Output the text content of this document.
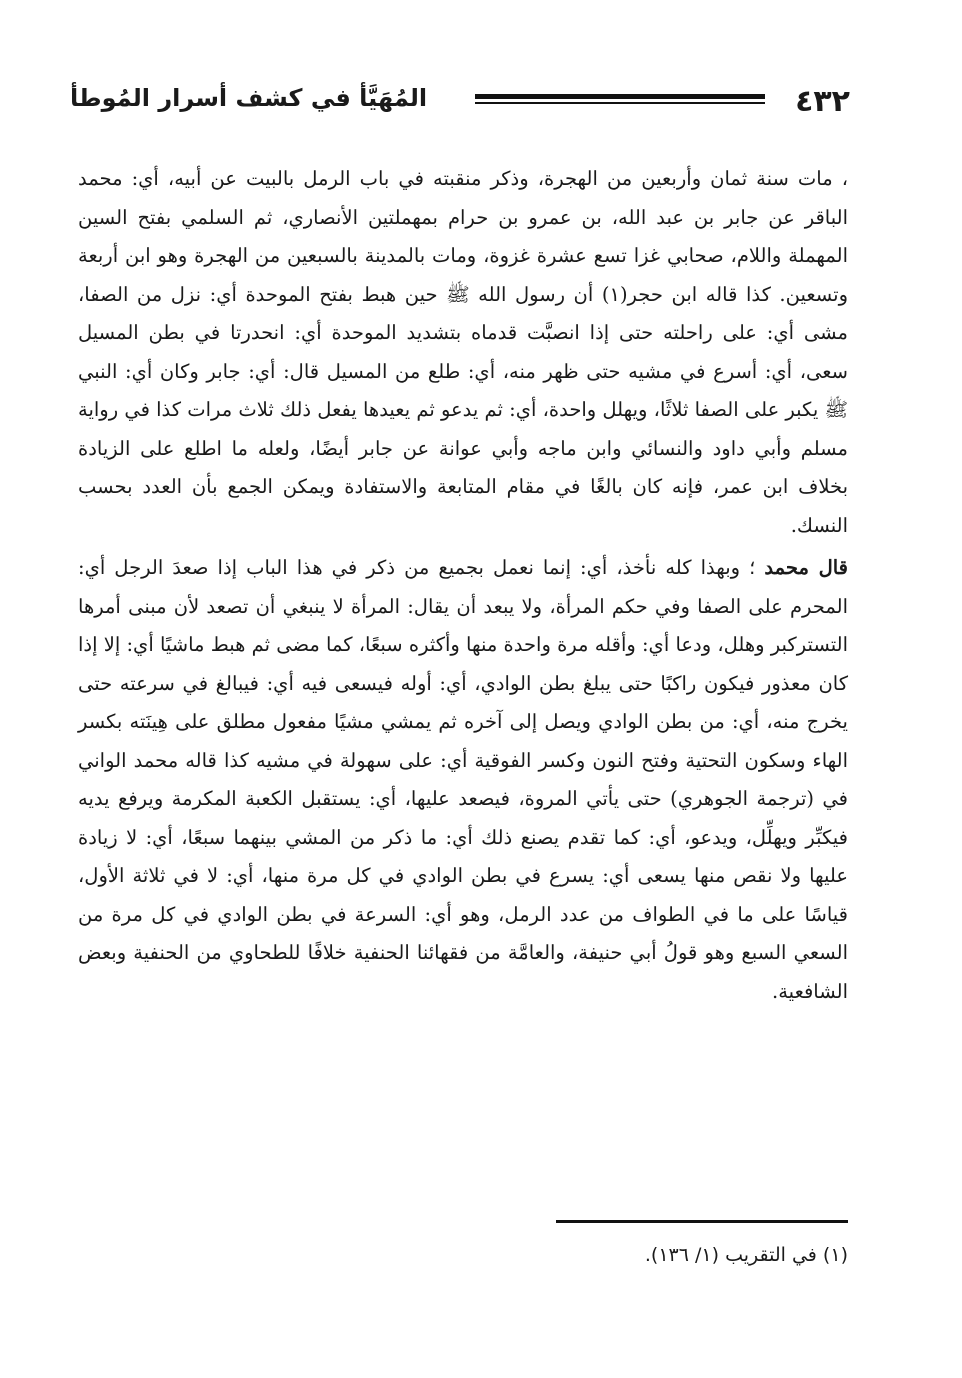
٤٣٢
المُهَيَّأ في كشف أسرار المُوطأ

، مات سنة ثمان وأربعين من الهجرة، وذكر منقبته في باب الرمل بالبيت عن أبيه، أي: محمد الباقر عن جابر بن عبد الله، بن عمرو بن حرام بمهملتين الأنصاري، ثم السلمي بفتح السين المهملة واللام، صحابي غزا تسع عشرة غزوة، ومات بالمدينة بالسبعين من الهجرة وهو ابن أربعة وتسعين. كذا قاله ابن حجر(١) أن رسول الله ﷺ حين هبط بفتح الموحدة أي: نزل من الصفا، مشى أي: على راحلته حتى إذا انصبَّت قدماه بتشديد الموحدة أي: انحدرتا في بطن المسيل سعى، أي: أسرع في مشيه حتى ظهر منه، أي: طلع من المسيل قال: أي: جابر وكان أي: النبي ﷺ يكبر على الصفا ثلاثًا، ويهلل واحدة، أي: ثم يدعو ثم يعيدها يفعل ذلك ثلاث مرات كذا في رواية مسلم وأبي داود والنسائي وابن ماجه وأبي عوانة عن جابر أيضًا، ولعله ما اطلع على الزيادة بخلاف ابن عمر، فإنه كان بالغًا في مقام المتابعة والاستفادة ويمكن الجمع بأن العدد بحسب النسك.

قال محمد ؛ وبهذا كله نأخذ، أي: إنما نعمل بجميع من ذكر في هذا الباب إذا صعدَ الرجل أي: المحرم على الصفا وفي حكم المرأة، ولا يبعد أن يقال: المرأة لا ينبغي أن تصعد لأن مبنى أمرها التستركبر وهلل، ودعا أي: وأقله مرة واحدة منها وأكثره سبعًا، كما مضى ثم هبط ماشيًا أي: إلا إذا كان معذور فيكون راكبًا حتى يبلغ بطن الوادي، أي: أوله فيسعى فيه أي: فيبالغ في سرعته حتى يخرج منه، أي: من بطن الوادي ويصل إلى آخره ثم يمشي مشيًا مفعول مطلق على هِينَته بكسر الهاء وسكون التحتية وفتح النون وكسر الفوقية أي: على سهولة في مشيه كذا قاله محمد الواني في (ترجمة الجوهري) حتى يأتي المروة، فيصعد عليها، أي: يستقبل الكعبة المكرمة ويرفع يديه فيكبِّر ويهلِّل، ويدعو، أي: كما تقدم يصنع ذلك أي: ما ذكر من المشي بينهما سبعًا، أي: لا زيادة عليها ولا نقص منها يسعى أي: يسرع في بطن الوادي في كل مرة منها، أي: لا في ثلاثة الأول، قياسًا على ما في الطواف من عدد الرمل، وهو أي: السرعة في بطن الوادي في كل مرة من السعي السبع وهو قولُ أبي حنيفة، والعامَّة من فقهائنا الحنفية خلافًا للطحاوي من الحنفية وبعض الشافعية.

(١) في التقريب (١/ ١٣٦).
